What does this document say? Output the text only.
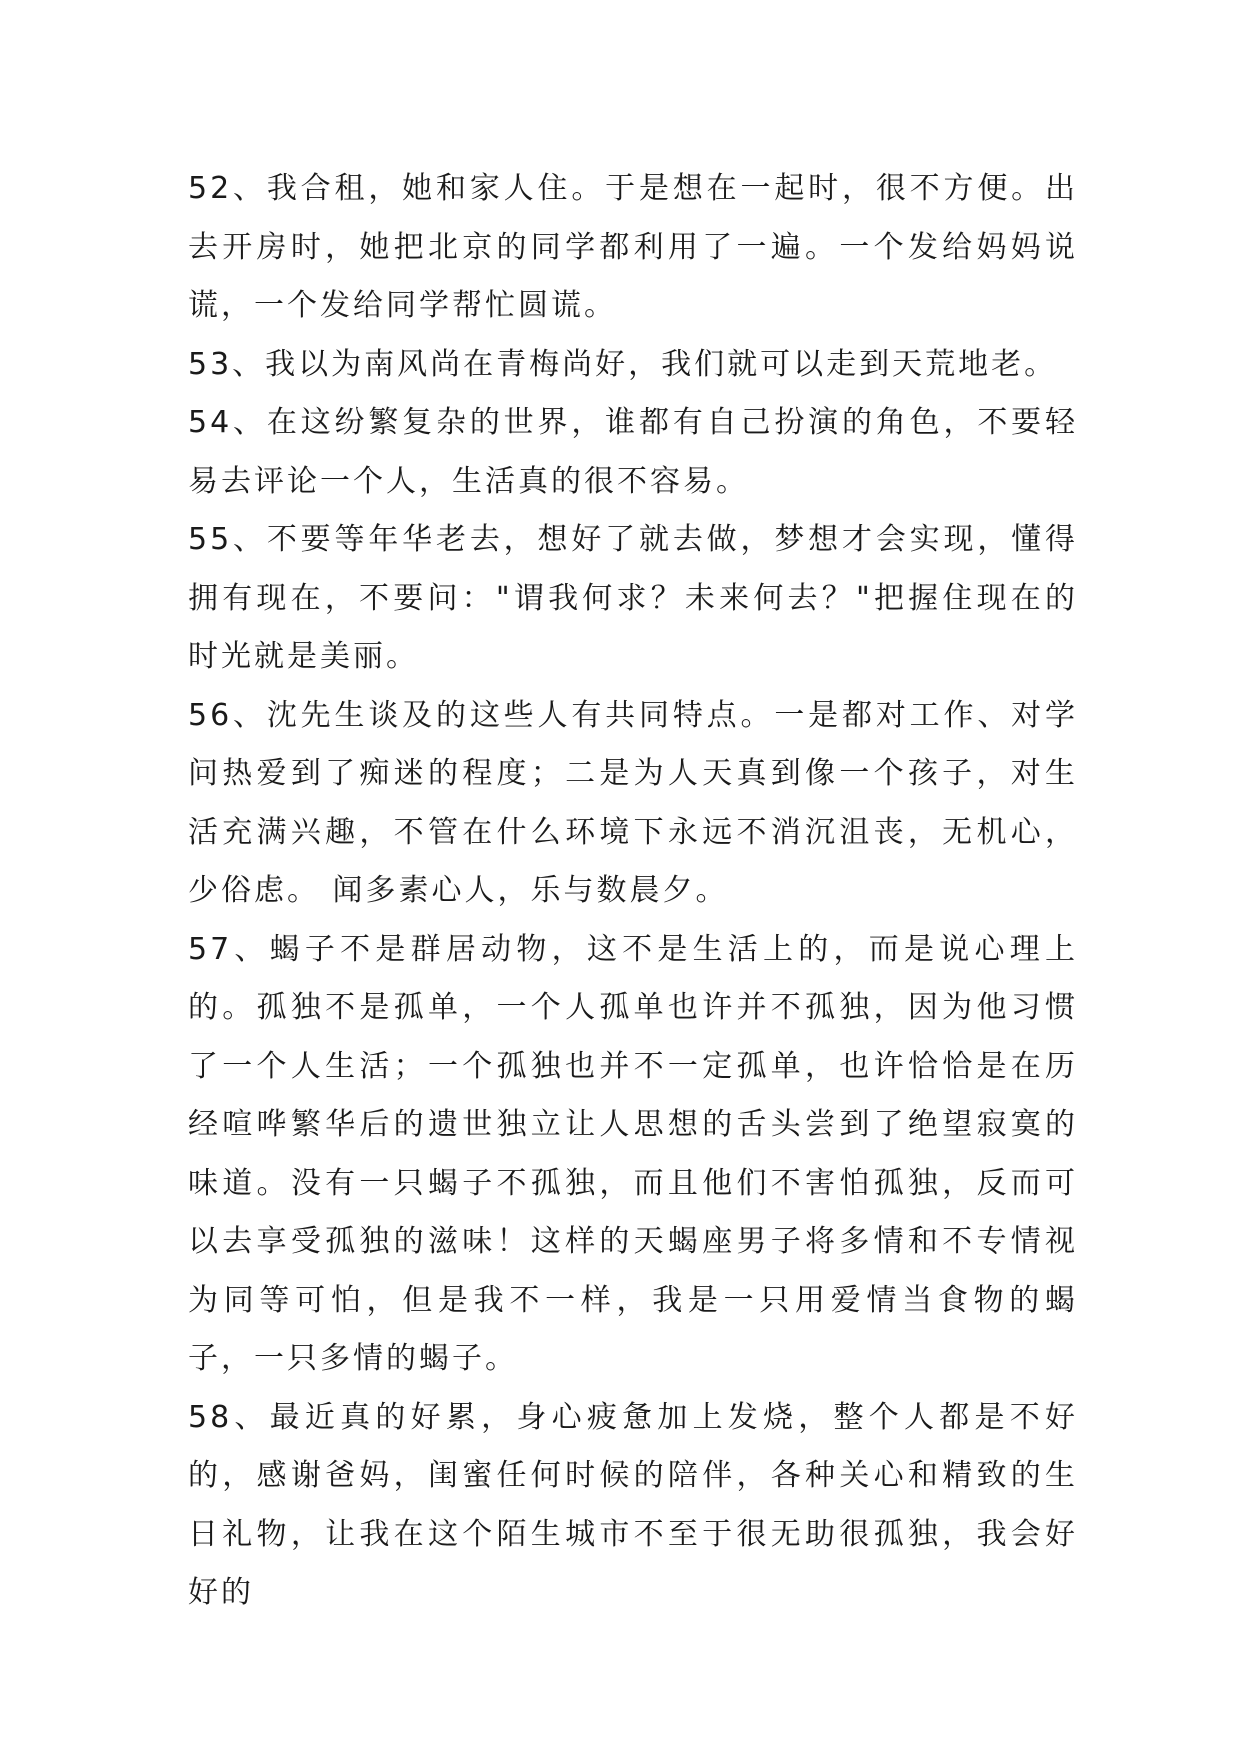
52、我合租，她和家人住。于是想在一起时，很不方便。出去开房时，她把北京的同学都利用了一遍。一个发给妈妈说谎，一个发给同学帮忙圆谎。

53、我以为南风尚在青梅尚好，我们就可以走到天荒地老。

54、在这纷繁复杂的世界，谁都有自己扮演的角色，不要轻易去评论一个人，生活真的很不容易。

55、不要等年华老去，想好了就去做，梦想才会实现，懂得拥有现在，不要问："谓我何求？未来何去？"把握住现在的时光就是美丽。

56、沈先生谈及的这些人有共同特点。一是都对工作、对学问热爱到了痴迷的程度；二是为人天真到像一个孩子，对生活充满兴趣，不管在什么环境下永远不消沉沮丧，无机心，少俗虑。 闻多素心人，乐与数晨夕。

57、蝎子不是群居动物，这不是生活上的，而是说心理上的。孤独不是孤单，一个人孤单也许并不孤独，因为他习惯了一个人生活；一个孤独也并不一定孤单，也许恰恰是在历经喧哗繁华后的遗世独立让人思想的舌头尝到了绝望寂寞的味道。没有一只蝎子不孤独，而且他们不害怕孤独，反而可以去享受孤独的滋味！这样的天蝎座男子将多情和不专情视为同等可怕，但是我不一样，我是一只用爱情当食物的蝎子，一只多情的蝎子。

58、最近真的好累，身心疲惫加上发烧，整个人都是不好的，感谢爸妈，闺蜜任何时候的陪伴，各种关心和精致的生日礼物，让我在这个陌生城市不至于很无助很孤独，我会好好的
